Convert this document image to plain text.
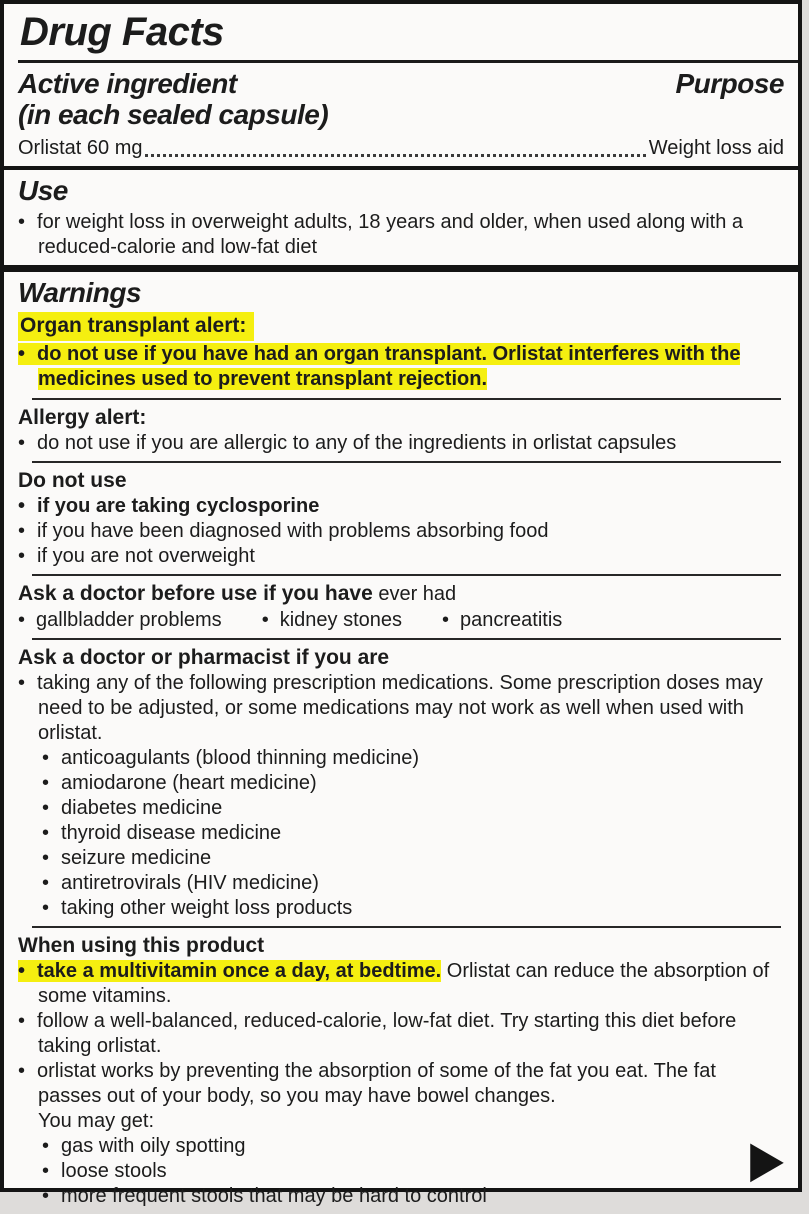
Drug Facts
Active ingredient
(in each sealed capsule)
Purpose
Orlistat 60 mg	Weight loss aid
Use
• for weight loss in overweight adults, 18 years and older, when used along with a reduced-calorie and low-fat diet
Warnings
Organ transplant alert:
• do not use if you have had an organ transplant. Orlistat interferes with the medicines used to prevent transplant rejection.
Allergy alert:
• do not use if you are allergic to any of the ingredients in orlistat capsules
Do not use
• if you are taking cyclosporine
• if you have been diagnosed with problems absorbing food
• if you are not overweight
Ask a doctor before use if you have ever had
• gallbladder problems	• kidney stones	• pancreatitis
Ask a doctor or pharmacist if you are
• taking any of the following prescription medications. Some prescription doses may need to be adjusted, or some medications may not work as well when used with orlistat.
• anticoagulants (blood thinning medicine)
• amiodarone (heart medicine)
• diabetes medicine
• thyroid disease medicine
• seizure medicine
• antiretrovirals (HIV medicine)
• taking other weight loss products
When using this product
• take a multivitamin once a day, at bedtime. Orlistat can reduce the absorption of some vitamins.
• follow a well-balanced, reduced-calorie, low-fat diet. Try starting this diet before taking orlistat.
• orlistat works by preventing the absorption of some of the fat you eat. The fat passes out of your body, so you may have bowel changes.
You may get:
• gas with oily spotting
• loose stools
• more frequent stools that may be hard to control
▶
